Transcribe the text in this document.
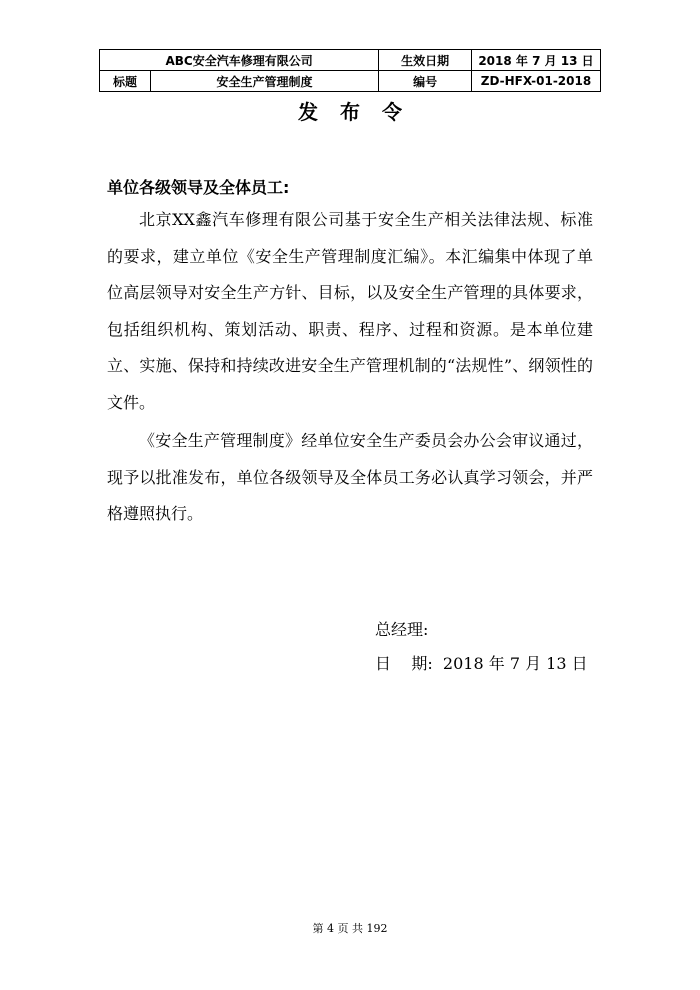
ABC安全汽车修理有限公司		生效日期	2018 年 7 月 13 日
标题	安全生产管理制度	编号	ZD-HFX-01-2018
发布令
单位各级领导及全体员工:

北京XX鑫汽车修理有限公司基于安全生产相关法律法规、标准的要求，建立单位《安全生产管理制度汇编》。本汇编集中体现了单位高层领导对安全生产方针、目标，以及安全生产管理的具体要求，包括组织机构、策划活动、职责、程序、过程和资源。是本单位建立、实施、保持和持续改进安全生产管理机制的“法规性”、纲领性的文件。

《安全生产管理制度》经单位安全生产委员会办公会审议通过，现予以批准发布，单位各级领导及全体员工务必认真学习领会，并严格遵照执行。

总经理:
日    期: 2018 年 7 月 13 日
第 4 页 共 192
